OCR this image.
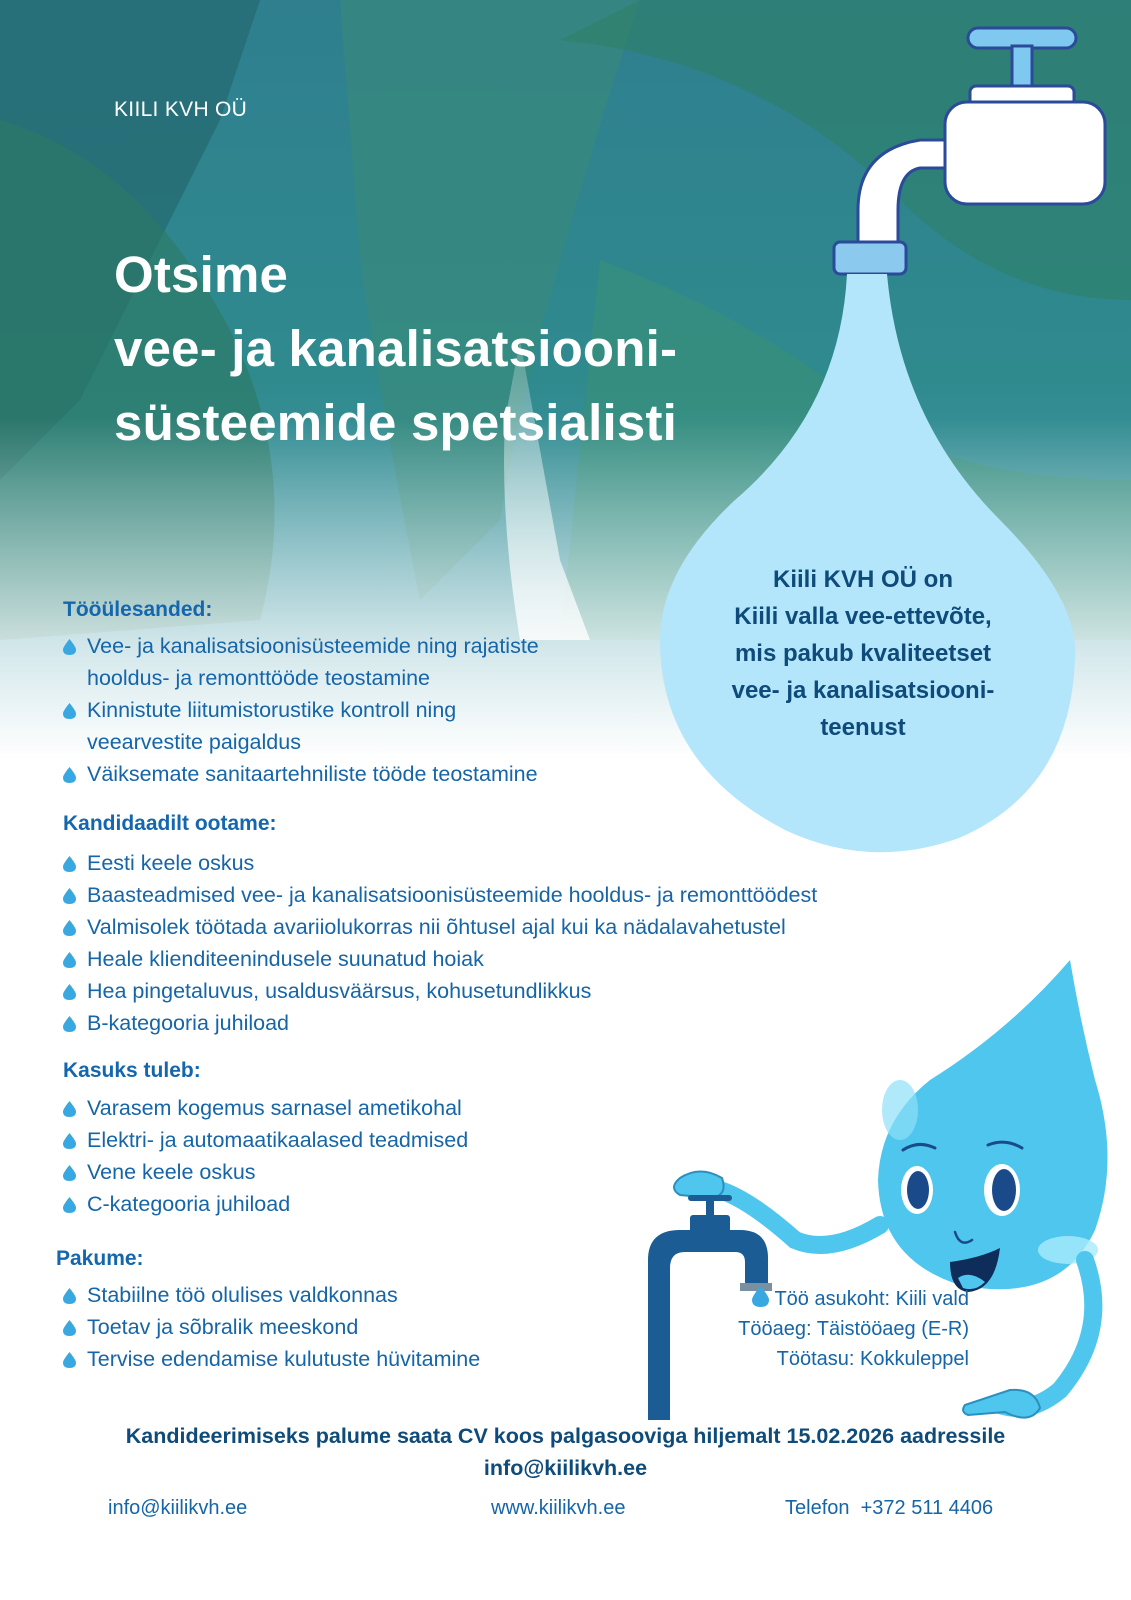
KIILI KVH OÜ
Otsime
vee- ja kanalisatsiooni-
süsteemide spetsialisti
Kiili KVH OÜ on
Kiili valla vee-ettevõte,
mis pakub kvaliteetset
vee- ja kanalisatsiooni-
teenust
Tööülesanded:
Vee- ja kanalisatsioonisüsteemide ning rajatiste
hooldus- ja remonttööde teostamine
Kinnistute liitumistorustike kontroll ning
veearvestite paigaldus
Väiksemate sanitaartehniliste tööde teostamine
Kandidaadilt ootame:
Eesti keele oskus
Baasteadmised vee- ja kanalisatsioonisüsteemide hooldus- ja remonttöödest
Valmisolek töötada avariiolukorras nii õhtusel ajal kui ka nädalavahetustel
Heale klienditeenindusele suunatud hoiak
Hea pingetaluvus, usaldusväärsus, kohusetundlikkus
B-kategooria juhiload
Kasuks tuleb:
Varasem kogemus sarnasel ametikohal
Elektri- ja automaatikaalased teadmised
Vene keele oskus
C-kategooria juhiload
Pakume:
Stabiilne töö olulises valdkonnas
Toetav ja sõbralik meeskond
Tervise edendamise kulutuste hüvitamine
Töö asukoht: Kiili vald
Tööaeg: Täistööaeg (E-R)
Töötasu: Kokkuleppel
Kandideerimiseks palume saata CV koos palgasooviga hiljemalt 15.02.2026 aadressile
info@kiilikvh.ee
info@kiilikvh.ee	www.kiilikvh.ee	Telefon  +372 511 4406
